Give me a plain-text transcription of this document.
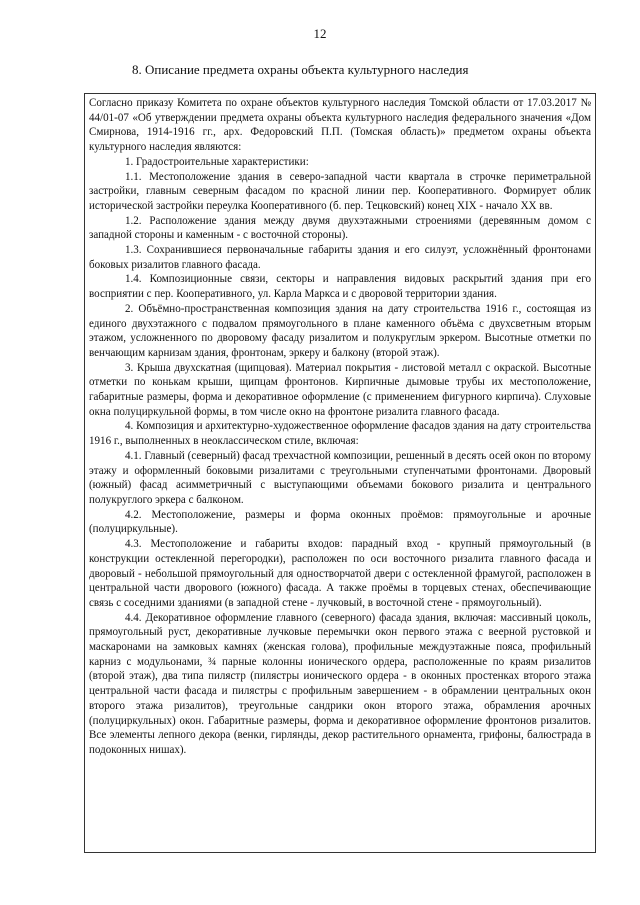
12
8. Описание предмета охраны объекта культурного наследия

Согласно приказу Комитета по охране объектов культурного наследия Томской области от 17.03.2017 № 44/01-07 «Об утверждении предмета охраны объекта культурного наследия федерального значения «Дом Смирнова, 1914-1916 гг., арх. Федоровский П.П. (Томская область)» предметом охраны объекта культурного наследия являются:

1. Градостроительные характеристики:

1.1. Местоположение здания в северо-западной части квартала в строчке периметральной застройки, главным северным фасадом по красной линии пер. Кооперативного. Формирует облик исторической застройки переулка Кооперативного (б. пер. Тецковский) конец XIX - начало XX вв.

1.2. Расположение здания между двумя двухэтажными строениями (деревянным домом с западной стороны и каменным - с восточной стороны).

1.3. Сохранившиеся первоначальные габариты здания и его силуэт, усложнённый фронтонами боковых ризалитов главного фасада.

1.4. Композиционные связи, секторы и направления видовых раскрытий здания при его восприятии с пер. Кооперативного, ул. Карла Маркса и с дворовой территории здания.

2. Объёмно-пространственная композиция здания на дату строительства 1916 г., состоящая из единого двухэтажного с подвалом прямоугольного в плане каменного объёма с двухсветным вторым этажом, усложненного по дворовому фасаду ризалитом и полукруглым эркером. Высотные отметки по венчающим карнизам здания, фронтонам, эркеру и балкону (второй этаж).

3. Крыша двухскатная (щипцовая). Материал покрытия - листовой металл с окраской. Высотные отметки по конькам крыши, щипцам фронтонов. Кирпичные дымовые трубы их местоположение, габаритные размеры, форма и декоративное оформление (с применением фигурного кирпича). Слуховые окна полуциркульной формы, в том числе окно на фронтоне ризалита главного фасада.

4. Композиция и архитектурно-художественное оформление фасадов здания на дату строительства 1916 г., выполненных в неоклассическом стиле, включая:

4.1. Главный (северный) фасад трехчастной композиции, решенный в десять осей окон по второму этажу и оформленный боковыми ризалитами с треугольными ступенчатыми фронтонами. Дворовый (южный) фасад асимметричный с выступающими объемами бокового ризалита и центрального полукруглого эркера с балконом.

4.2. Местоположение, размеры и форма оконных проёмов: прямоугольные и арочные (полуциркульные).

4.3. Местоположение и габариты входов: парадный вход - крупный прямоугольный (в конструкции остекленной перегородки), расположен по оси восточного ризалита главного фасада и дворовый - небольшой прямоугольный для одностворчатой двери с остекленной фрамугой, расположен в центральной части дворового (южного) фасада. А также проёмы в торцевых стенах, обеспечивающие связь с соседними зданиями (в западной стене - лучковый, в восточной стене - прямоугольный).

4.4. Декоративное оформление главного (северного) фасада здания, включая: массивный цоколь, прямоугольный руст, декоративные лучковые перемычки окон первого этажа с веерной рустовкой и маскаронами на замковых камнях (женская голова), профильные междуэтажные пояса, профильный карниз с модульонами, ¾ парные колонны ионического ордера, расположенные по краям ризалитов (второй этаж), два типа пилястр (пилястры ионического ордера - в оконных простенках второго этажа центральной части фасада и пилястры с профильным завершением - в обрамлении центральных окон второго этажа ризалитов), треугольные сандрики окон второго этажа, обрамления арочных (полуциркульных) окон. Габаритные размеры, форма и декоративное оформление фронтонов ризалитов. Все элементы лепного декора (венки, гирлянды, декор растительного орнамента, грифоны, балюстрада в подоконных нишах).
